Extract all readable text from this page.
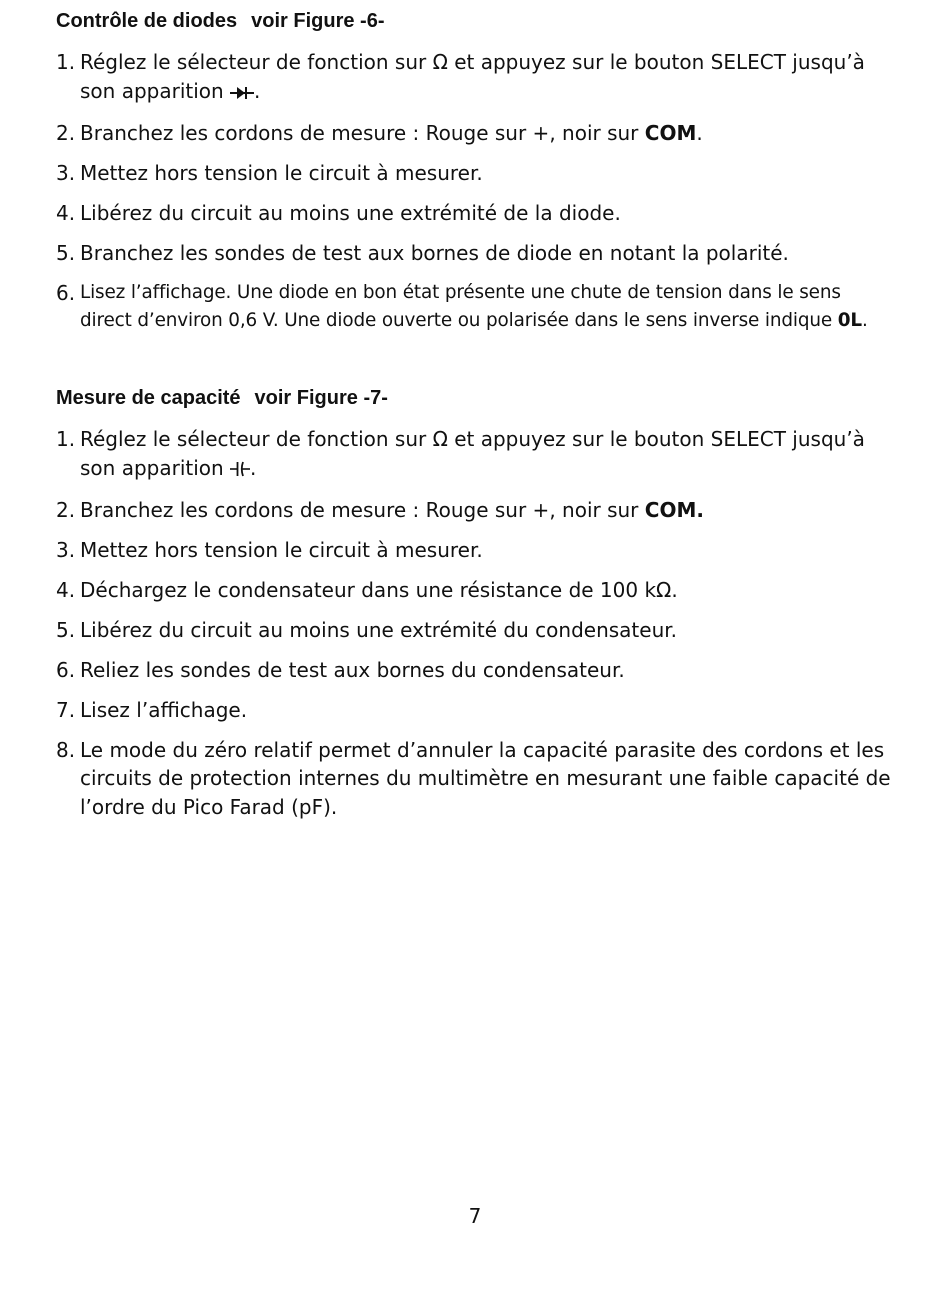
Contrôle de diodes voir Figure -6-
1. Réglez le sélecteur de fonction sur Ω et appuyez sur le bouton SELECT jusqu’à son apparition .
2. Branchez les cordons de mesure : Rouge sur +, noir sur COM.
3. Mettez hors tension le circuit à mesurer.
4. Libérez du circuit au moins une extrémité de la diode.
5. Branchez les sondes de test aux bornes de diode en notant la polarité.
6. Lisez l’affichage. Une diode en bon état présente une chute de tension dans le sens direct d’environ 0,6 V. Une diode ouverte ou polarisée dans le sens inverse indique 0L.
Mesure de capacité voir Figure -7-
1. Réglez le sélecteur de fonction sur Ω et appuyez sur le bouton SELECT jusqu’à son apparition .
2. Branchez les cordons de mesure : Rouge sur +, noir sur COM.
3. Mettez hors tension le circuit à mesurer.
4. Déchargez le condensateur dans une résistance de 100 kΩ.
5. Libérez du circuit au moins une extrémité du condensateur.
6. Reliez les sondes de test aux bornes du condensateur.
7. Lisez l’affichage.
8. Le mode du zéro relatif permet d’annuler la capacité parasite des cordons et les circuits de protection internes du multimètre en mesurant une faible capacité de l’ordre du Pico Farad (pF).
7
